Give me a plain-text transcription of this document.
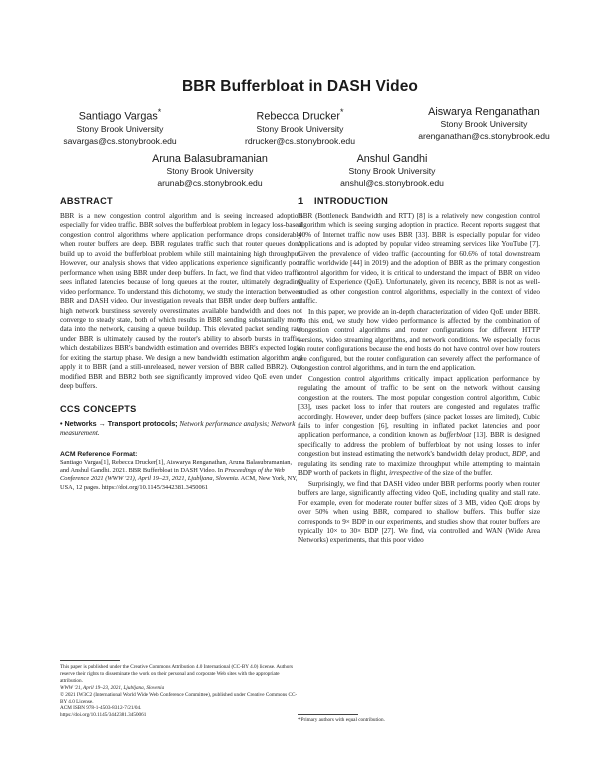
BBR Bufferbloat in DASH Video
Santiago Vargas*
Stony Brook University
savargas@cs.stonybrook.edu
Rebecca Drucker*
Stony Brook University
rdrucker@cs.stonybrook.edu
Aiswarya Renganathan
Stony Brook University
arenganathan@cs.stonybrook.edu
Aruna Balasubramanian
Stony Brook University
arunab@cs.stonybrook.edu
Anshul Gandhi
Stony Brook University
anshul@cs.stonybrook.edu
ABSTRACT

BBR is a new congestion control algorithm and is seeing increased adoption especially for video traffic. BBR solves the bufferbloat problem in legacy loss-based congestion control algorithms where application performance drops considerably when router buffers are deep. BBR regulates traffic such that router queues don't build up to avoid the bufferbloat problem while still maintaining high throughput. However, our analysis shows that video applications experience significantly poor performance when using BBR under deep buffers. In fact, we find that video traffic sees inflated latencies because of long queues at the router, ultimately degrading video performance. To understand this dichotomy, we study the interaction between BBR and DASH video. Our investigation reveals that BBR under deep buffers and high network burstiness severely overestimates available bandwidth and does not converge to steady state, both of which results in BBR sending substantially more data into the network, causing a queue buildup. This elevated packet sending rate under BBR is ultimately caused by the router's ability to absorb bursts in traffic, which destabilizes BBR's bandwidth estimation and overrides BBR's expected logic for exiting the startup phase. We design a new bandwidth estimation algorithm and apply it to BBR (and a still-unreleased, newer version of BBR called BBR2). Our modified BBR and BBR2 both see significantly improved video QoE even under deep buffers.

CCS CONCEPTS

• Networks → Transport protocols; Network performance analysis; Network measurement.

ACM Reference Format:

Santiago Vargas[1], Rebecca Drucker[1], Aiswarya Renganathan, Aruna Balasubramanian, and Anshul Gandhi. 2021. BBR Bufferbloat in DASH Video. In Proceedings of the Web Conference 2021 (WWW '21), April 19–23, 2021, Ljubljana, Slovenia. ACM, New York, NY, USA, 12 pages. https://doi.org/10.1145/3442381.3450061

This paper is published under the Creative Commons Attribution 4.0 International (CC-BY 4.0) license. Authors reserve their rights to disseminate the work on their personal and corporate Web sites with the appropriate attribution.

WWW '21, April 19–23, 2021, Ljubljana, Slovenia

© 2021 IW3C2 (International World Wide Web Conference Committee), published under Creative Commons CC-BY 4.0 License.

ACM ISBN 978-1-4503-8312-7/21/04.

https://doi.org/10.1145/3442381.3450061

1 INTRODUCTION

BBR (Bottleneck Bandwidth and RTT) [8] is a relatively new congestion control algorithm which is seeing surging adoption in practice. Recent reports suggest that 40% of Internet traffic now uses BBR [33]. BBR is especially popular for video applications and is adopted by popular video streaming services like YouTube [7]. Given the prevalence of video traffic (accounting for 60.6% of total downstream traffic worldwide [44] in 2019) and the adoption of BBR as the primary congestion control algorithm for video, it is critical to understand the impact of BBR on video Quality of Experience (QoE). Unfortunately, given its recency, BBR is not as well-studied as other congestion control algorithms, especially in the context of video traffic.

In this paper, we provide an in-depth characterization of video QoE under BBR. To this end, we study how video performance is affected by the combination of congestion control algorithms and router configurations for different HTTP versions, video streaming algorithms, and network conditions. We especially focus on router configurations because the end hosts do not have control over how routers are configured, but the router configuration can severely affect the performance of congestion control algorithms, and in turn the end application.

Congestion control algorithms critically impact application performance by regulating the amount of traffic to be sent on the network without causing congestion at the routers. The most popular congestion control algorithm, Cubic [33], uses packet loss to infer that routers are congested and regulates traffic accordingly. However, under deep buffers (since packet losses are limited), Cubic fails to infer congestion [6], resulting in inflated packet latencies and poor application performance, a condition known as bufferbloat [13]. BBR is designed specifically to address the problem of bufferbloat by not using losses to infer congestion but instead estimating the network's bandwidth delay product, BDP, and regulating its sending rate to maximize throughput while attempting to maintain BDP worth of packets in flight, irrespective of the size of the buffer.

Surprisingly, we find that DASH video under BBR performs poorly when router buffers are large, significantly affecting video QoE, including quality and stall rate. For example, even for moderate router buffer sizes of 3 MB, video QoE drops by over 50% when using BBR, compared to shallow buffers. This buffer size corresponds to 9× BDP in our experiments, and studies show that router buffers are typically 10× to 30× BDP [27]. We find, via controlled and WAN (Wide Area Networks) experiments, that this poor video

*Primary authors with equal contribution.
